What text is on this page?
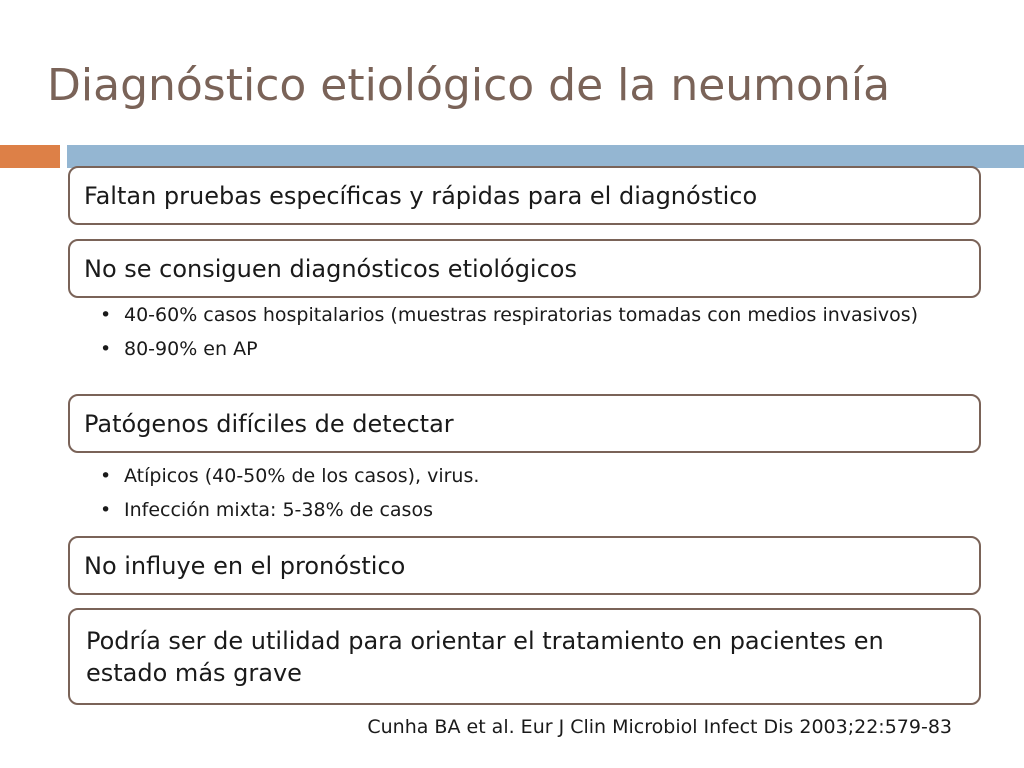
Diagnóstico etiológico de la neumonía
Faltan pruebas específicas y rápidas para el diagnóstico
No se consiguen diagnósticos etiológicos
• 40-60% casos hospitalarios (muestras respiratorias tomadas con medios invasivos)
• 80-90% en AP
Patógenos difíciles de detectar
• Atípicos (40-50% de los casos), virus.
• Infección mixta: 5-38% de casos
No influye en el pronóstico
Podría ser de utilidad para orientar el tratamiento en pacientes en estado más grave
Cunha BA et al. Eur J Clin Microbiol Infect Dis 2003;22:579-83
